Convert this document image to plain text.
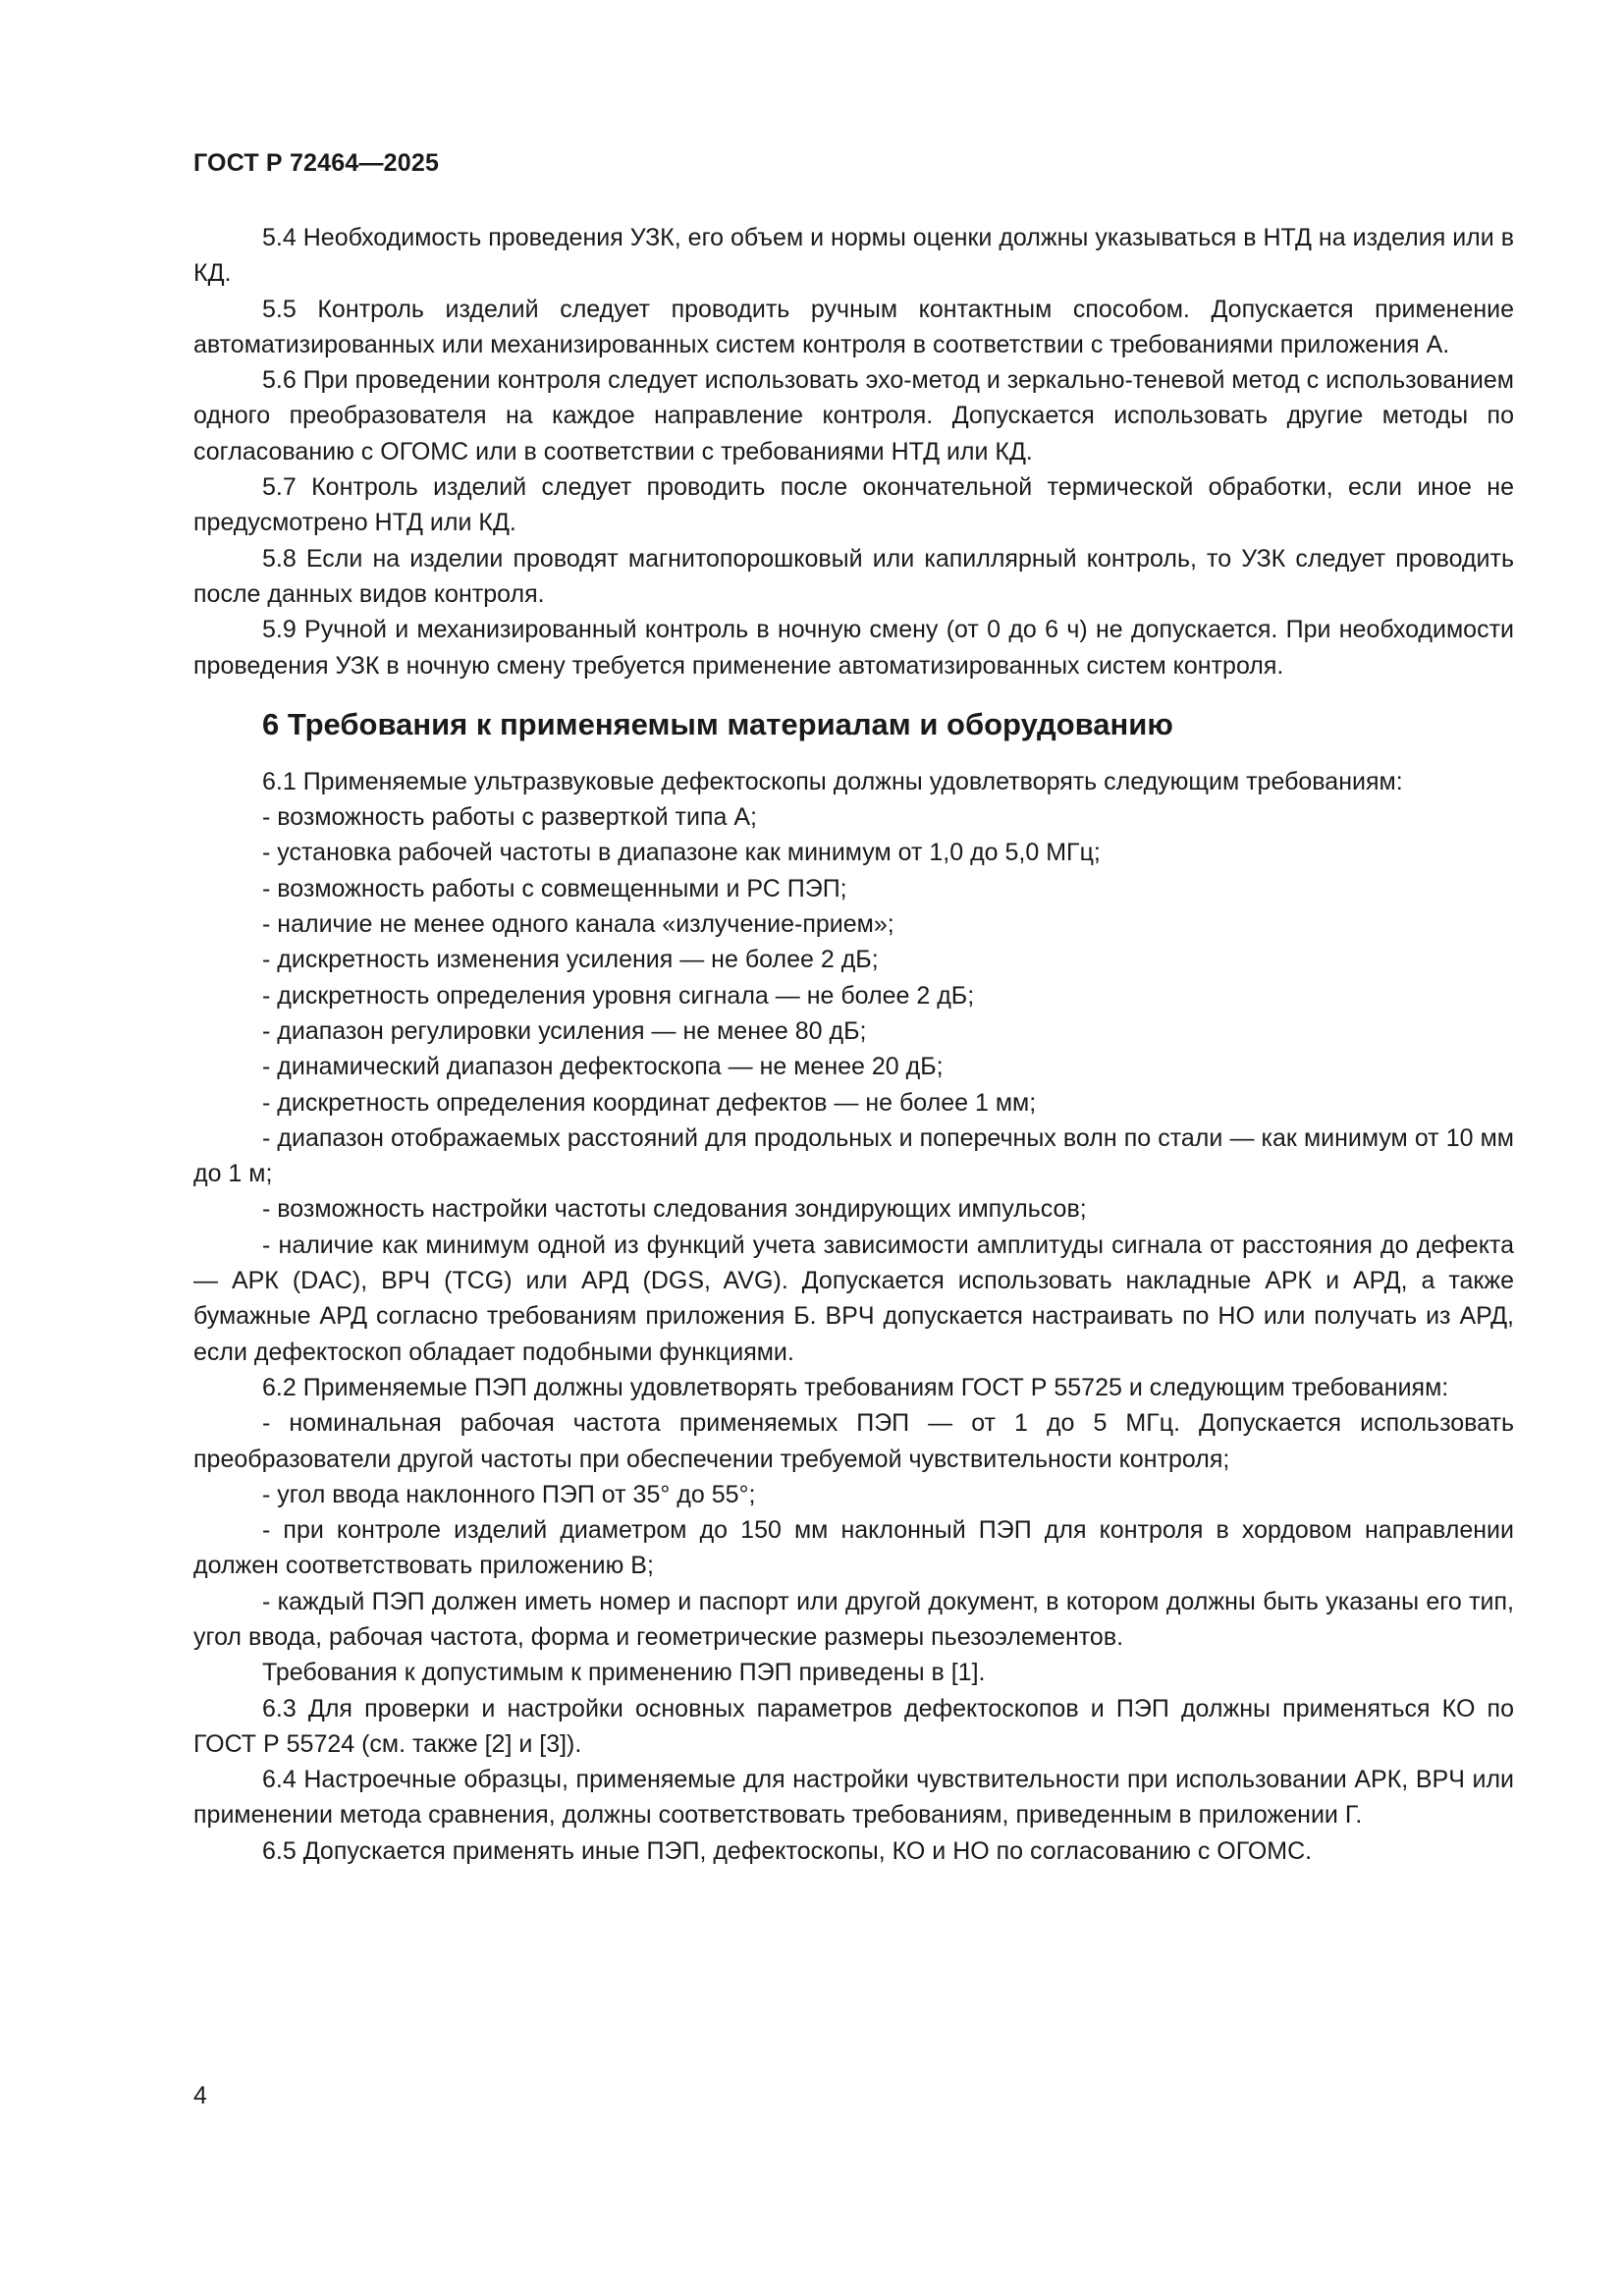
ГОСТ Р 72464—2025

5.4 Необходимость проведения УЗК, его объем и нормы оценки должны указываться в НТД на изделия или в КД.

5.5 Контроль изделий следует проводить ручным контактным способом. Допускается применение автоматизированных или механизированных систем контроля в соответствии с требованиями приложения А.

5.6 При проведении контроля следует использовать эхо-метод и зеркально-теневой метод с использованием одного преобразователя на каждое направление контроля. Допускается использовать другие методы по согласованию с ОГОМС или в соответствии с требованиями НТД или КД.

5.7 Контроль изделий следует проводить после окончательной термической обработки, если иное не предусмотрено НТД или КД.

5.8 Если на изделии проводят магнитопорошковый или капиллярный контроль, то УЗК следует проводить после данных видов контроля.

5.9 Ручной и механизированный контроль в ночную смену (от 0 до 6 ч) не допускается. При необходимости проведения УЗК в ночную смену требуется применение автоматизированных систем контроля.

6 Требования к применяемым материалам и оборудованию

6.1 Применяемые ультразвуковые дефектоскопы должны удовлетворять следующим требованиям:

- возможность работы с разверткой типа А;

- установка рабочей частоты в диапазоне как минимум от 1,0 до 5,0 МГц;

- возможность работы с совмещенными и РС ПЭП;

- наличие не менее одного канала «излучение-прием»;

- дискретность изменения усиления — не более 2 дБ;

- дискретность определения уровня сигнала — не более 2 дБ;

- диапазон регулировки усиления — не менее 80 дБ;

- динамический диапазон дефектоскопа — не менее 20 дБ;

- дискретность определения координат дефектов — не более 1 мм;

- диапазон отображаемых расстояний для продольных и поперечных волн по стали — как минимум от 10 мм до 1 м;

- возможность настройки частоты следования зондирующих импульсов;

- наличие как минимум одной из функций учета зависимости амплитуды сигнала от расстояния до дефекта — АРК (DAC), ВРЧ (TCG) или АРД (DGS, AVG). Допускается использовать накладные АРК и АРД, а также бумажные АРД согласно требованиям приложения Б. ВРЧ допускается настраивать по НО или получать из АРД, если дефектоскоп обладает подобными функциями.

6.2 Применяемые ПЭП должны удовлетворять требованиям ГОСТ Р 55725 и следующим требованиям:

- номинальная рабочая частота применяемых ПЭП — от 1 до 5 МГц. Допускается использовать преобразователи другой частоты при обеспечении требуемой чувствительности контроля;

- угол ввода наклонного ПЭП от 35° до 55°;

- при контроле изделий диаметром до 150 мм наклонный ПЭП для контроля в хордовом направлении должен соответствовать приложению В;

- каждый ПЭП должен иметь номер и паспорт или другой документ, в котором должны быть указаны его тип, угол ввода, рабочая частота, форма и геометрические размеры пьезоэлементов.

Требования к допустимым к применению ПЭП приведены в [1].

6.3 Для проверки и настройки основных параметров дефектоскопов и ПЭП должны применяться КО по ГОСТ Р 55724 (см. также [2] и [3]).

6.4 Настроечные образцы, применяемые для настройки чувствительности при использовании АРК, ВРЧ или применении метода сравнения, должны соответствовать требованиям, приведенным в приложении Г.

6.5 Допускается применять иные ПЭП, дефектоскопы, КО и НО по согласованию с ОГОМС.

4
